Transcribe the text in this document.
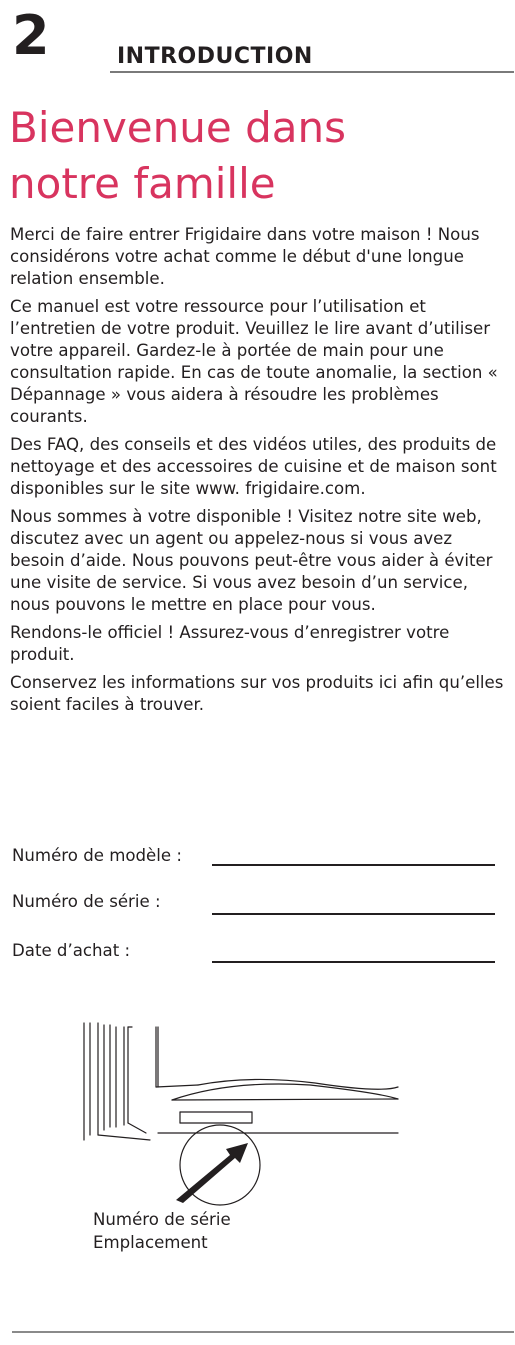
2	INTRODUCTION
Bienvenue dans
notre famille

Merci de faire entrer Frigidaire dans votre maison ! Nous considérons votre achat comme le début d'une longue relation ensemble.

Ce manuel est votre ressource pour l’utilisation et l’entretien de votre produit. Veuillez le lire avant d’utiliser votre appareil. Gardez-le à portée de main pour une consultation rapide. En cas de toute anomalie, la section « Dépannage » vous aidera à résoudre les problèmes courants.

Des FAQ, des conseils et des vidéos utiles, des produits de nettoyage et des accessoires de cuisine et de maison sont disponibles sur le site www. frigidaire.com.

Nous sommes à votre disponible ! Visitez notre site web, discutez avec un agent ou appelez-nous si vous avez besoin d’aide. Nous pouvons peut-être vous aider à éviter une visite de service. Si vous avez besoin d’un service, nous pouvons le mettre en place pour vous.

Rendons-le officiel ! Assurez-vous d’enregistrer votre produit.

Conservez les informations sur vos produits ici afin qu’elles soient faciles à trouver.

Numéro de modèle :
Numéro de série :
Date d’achat :
Numéro de série
Emplacement
